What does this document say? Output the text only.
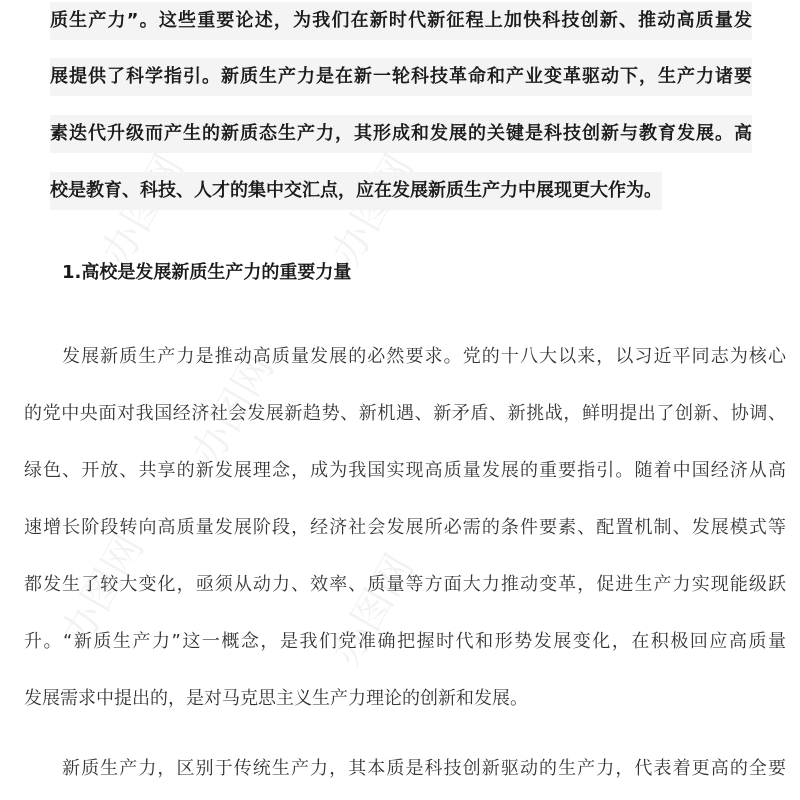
办图网	办图网
办图网
办图网	办图网
质生产力”。这些重要论述，为我们在新时代新征程上加快科技创新、推动高质量发
展提供了科学指引。新质生产力是在新一轮科技革命和产业变革驱动下，生产力诸要
素迭代升级而产生的新质态生产力，其形成和发展的关键是科技创新与教育发展。高
校是教育、科技、人才的集中交汇点，应在发展新质生产力中展现更大作为。
1.高校是发展新质生产力的重要力量
发展新质生产力是推动高质量发展的必然要求。党的十八大以来，以习近平同志为核心
的党中央面对我国经济社会发展新趋势、新机遇、新矛盾、新挑战，鲜明提出了创新、协调、
绿色、开放、共享的新发展理念，成为我国实现高质量发展的重要指引。随着中国经济从高
速增长阶段转向高质量发展阶段，经济社会发展所必需的条件要素、配置机制、发展模式等
都发生了较大变化，亟须从动力、效率、质量等方面大力推动变革，促进生产力实现能级跃
升。“新质生产力”这一概念，是我们党准确把握时代和形势发展变化，在积极回应高质量
发展需求中提出的，是对马克思主义生产力理论的创新和发展。
新质生产力，区别于传统生产力，其本质是科技创新驱动的生产力，代表着更高的全要
